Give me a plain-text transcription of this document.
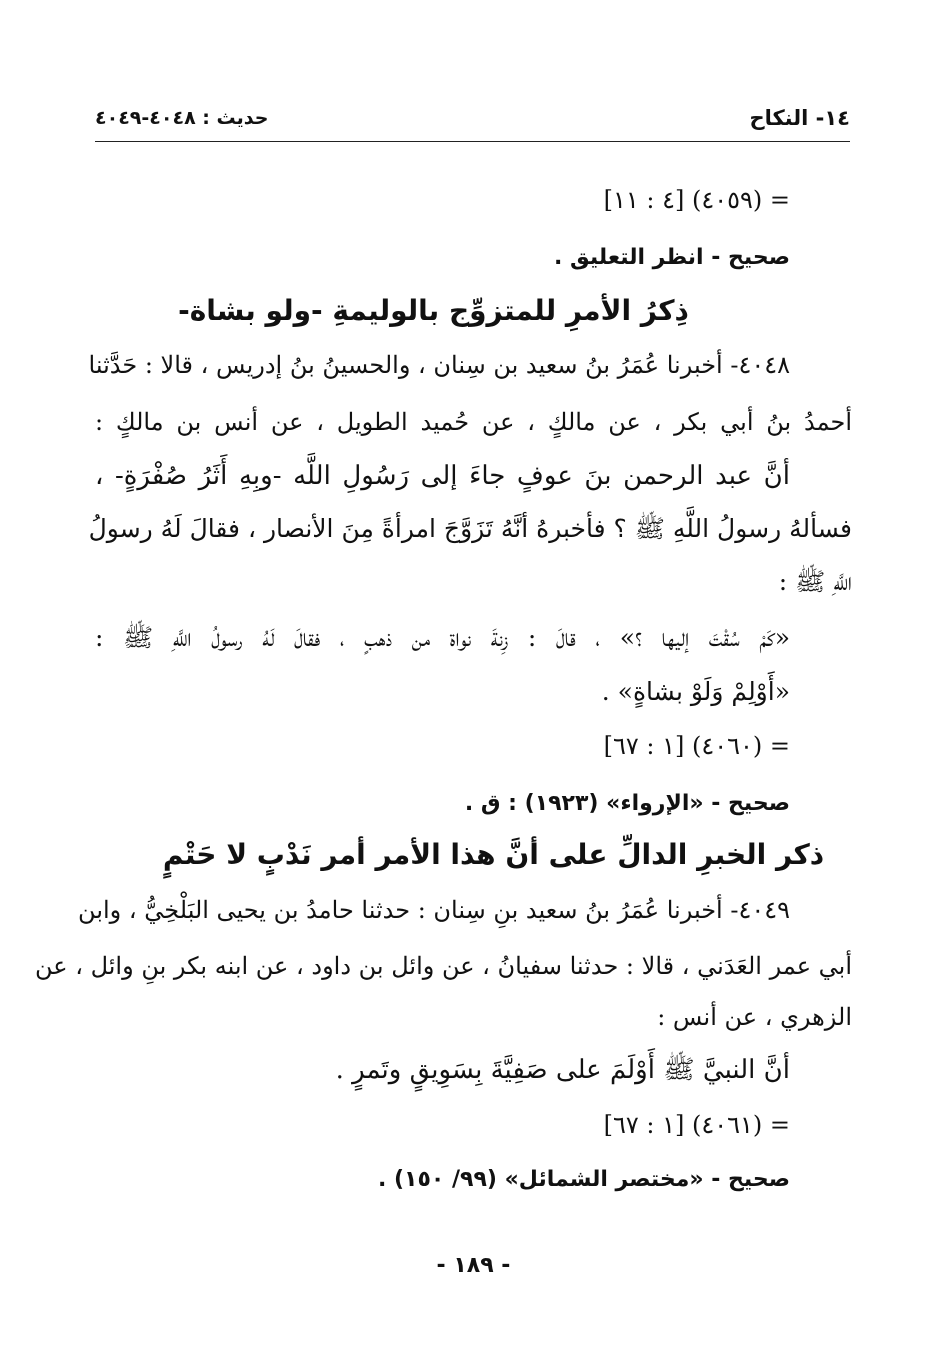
١٤- النكاح
حديث : ٤٠٤٨-٤٠٤٩
= (٤٠٥٩) [٤ : ١١]
صحيح - انظر التعليق .
ذِكرُ الأمرِ للمتزوِّج بالوليمةِ -ولو بشاة-
٤٠٤٨- أخبرنا عُمَرُ بنُ سعيد بن سِنان ، والحسينُ بنُ إدريس ، قالا : حَدَّثنا
أحمدُ بنُ أبي بكر ، عن مالكٍ ، عن حُميد الطويل ، عن أنس بن مالكٍ :
أنَّ عبد الرحمن بنَ عوفٍ جاءَ إلى رَسُولِ اللَّه -وبِهِ أَثَرُ صُفْرَةٍ- ،
فسألهُ رسولُ اللَّهِ ﷺ ؟ فأخبرهُ أنَّهُ تَزَوَّجَ امرأةً مِنَ الأنصار ، فقالَ لَهُ رسولُ
اللَّهِ ﷺ :
«كَمْ سُقْتَ إليها ؟» ، قالَ : زِنةَ نواة من ذهبٍ ، فقالَ لَهُ رسولُ اللَّهِ ﷺ :
«أَوْلِمْ وَلَوْ بشاةٍ» .
= (٤٠٦٠) [١ : ٦٧]
صحيح - «الإرواء» (١٩٢٣) : ق .
ذكر الخبرِ الدالِّ على أنَّ هذا الأمر أمر نَدْبٍ لا حَتْمٍ
٤٠٤٩- أخبرنا عُمَرُ بنُ سعيد بنِ سِنان : حدثنا حامدُ بن يحيى البَلْخِيُّ ، وابن
أبي عمر العَدَني ، قالا : حدثنا سفيانُ ، عن وائل بن داود ، عن ابنه بكر بنِ وائل ، عن
الزهري ، عن أنس :
أنَّ النبيَّ ﷺ أَوْلَمَ على صَفِيَّةَ بِسَوِيقٍ وتَمرٍ .
= (٤٠٦١) [١ : ٦٧]
صحيح - «مختصر الشمائل» (٩٩/ ١٥٠) .
- ١٨٩ -
